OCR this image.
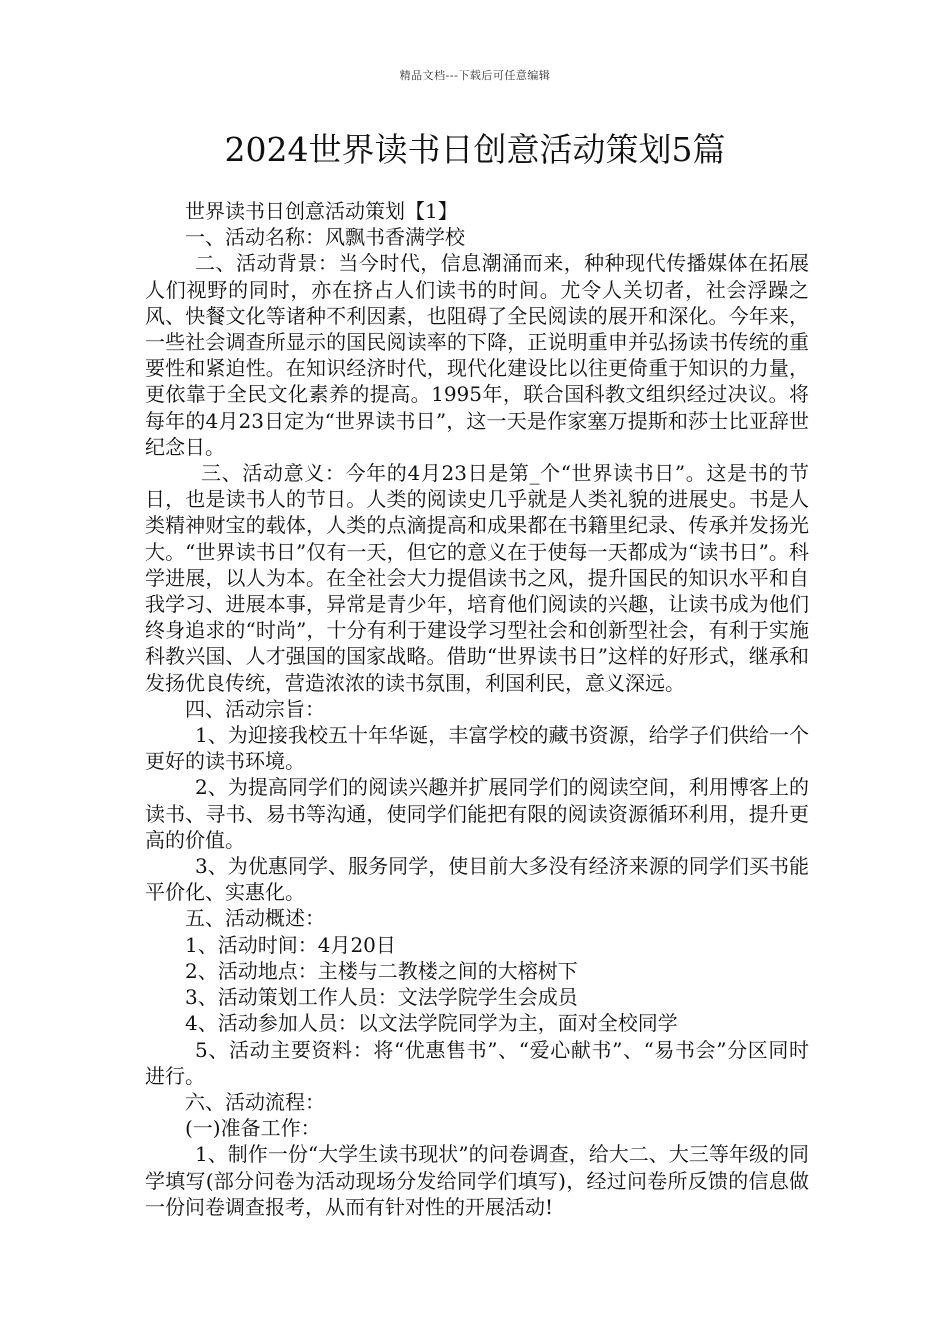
精品文档---下载后可任意编辑
2024世界读书日创意活动策划5篇

世界读书日创意活动策划【1】

一、活动名称：风飘书香满学校

二、活动背景：当今时代，信息潮涌而来，种种现代传播媒体在拓展人们视野的同时，亦在挤占人们读书的时间。尤令人关切者，社会浮躁之风、快餐文化等诸种不利因素，也阻碍了全民阅读的展开和深化。今年来，一些社会调查所显示的国民阅读率的下降，正说明重申并弘扬读书传统的重要性和紧迫性。在知识经济时代，现代化建设比以往更倚重于知识的力量，更依靠于全民文化素养的提高。1995年，联合国科教文组织经过决议。将每年的4月23日定为“世界读书日”，这一天是作家塞万提斯和莎士比亚辞世纪念日。

三、活动意义：今年的4月23日是第_个“世界读书日”。这是书的节日，也是读书人的节日。人类的阅读史几乎就是人类礼貌的进展史。书是人类精神财宝的载体，人类的点滴提高和成果都在书籍里纪录、传承并发扬光大。“世界读书日”仅有一天，但它的意义在于使每一天都成为“读书日”。科学进展，以人为本。在全社会大力提倡读书之风，提升国民的知识水平和自我学习、进展本事，异常是青少年，培育他们阅读的兴趣，让读书成为他们终身追求的“时尚”，十分有利于建设学习型社会和创新型社会，有利于实施科教兴国、人才强国的国家战略。借助“世界读书日”这样的好形式，继承和发扬优良传统，营造浓浓的读书氛围，利国利民，意义深远。

四、活动宗旨：

1、为迎接我校五十年华诞，丰富学校的藏书资源，给学子们供给一个更好的读书环境。

2、为提高同学们的阅读兴趣并扩展同学们的阅读空间，利用博客上的读书、寻书、易书等沟通，使同学们能把有限的阅读资源循环利用，提升更高的价值。

3、为优惠同学、服务同学，使目前大多没有经济来源的同学们买书能平价化、实惠化。

五、活动概述：

1、活动时间：4月20日

2、活动地点：主楼与二教楼之间的大榕树下

3、活动策划工作人员：文法学院学生会成员

4、活动参加人员：以文法学院同学为主，面对全校同学

5、活动主要资料：将“优惠售书”、“爱心献书”、“易书会”分区同时进行。

六、活动流程：

(一)准备工作：

1、制作一份“大学生读书现状”的问卷调查，给大二、大三等年级的同学填写(部分问卷为活动现场分发给同学们填写)，经过问卷所反馈的信息做一份问卷调查报考，从而有针对性的开展活动!
